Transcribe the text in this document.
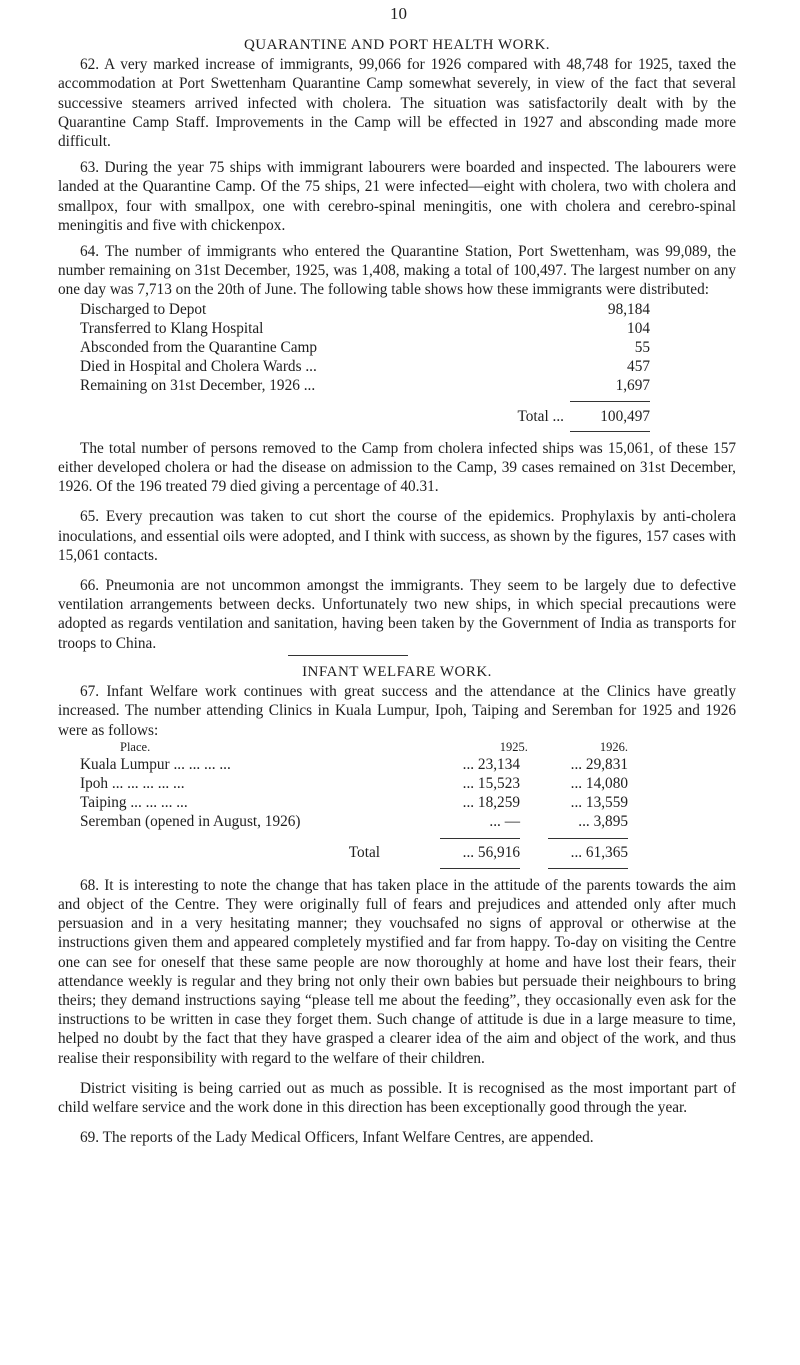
10
QUARANTINE AND PORT HEALTH WORK.

62. A very marked increase of immigrants, 99,066 for 1926 compared with 48,748 for 1925, taxed the accommodation at Port Swettenham Quarantine Camp somewhat severely, in view of the fact that several successive steamers arrived infected with cholera. The situation was satisfactorily dealt with by the Quarantine Camp Staff. Improvements in the Camp will be effected in 1927 and absconding made more difficult.

63. During the year 75 ships with immigrant labourers were boarded and inspected. The labourers were landed at the Quarantine Camp. Of the 75 ships, 21 were infected—eight with cholera, two with cholera and smallpox, four with smallpox, one with cerebro-spinal meningitis, one with cholera and cerebro-spinal meningitis and five with chickenpox.

64. The number of immigrants who entered the Quarantine Station, Port Swettenham, was 99,089, the number remaining on 31st December, 1925, was 1,408, making a total of 100,497. The largest number on any one day was 7,713 on the 20th of June. The following table shows how these immigrants were distributed:

Discharged to Depot	98,184
Transferred to Klang Hospital	104
Absconded from the Quarantine Camp	55
Died in Hospital and Cholera Wards ...	457
Remaining on 31st December, 1926 ...	1,697
Total ...	100,497

The total number of persons removed to the Camp from cholera infected ships was 15,061, of these 157 either developed cholera or had the disease on admission to the Camp, 39 cases remained on 31st December, 1926. Of the 196 treated 79 died giving a percentage of 40.31.

65. Every precaution was taken to cut short the course of the epidemics. Prophylaxis by anti-cholera inoculations, and essential oils were adopted, and I think with success, as shown by the figures, 157 cases with 15,061 contacts.

66. Pneumonia are not uncommon amongst the immigrants. They seem to be largely due to defective ventilation arrangements between decks. Unfortunately two new ships, in which special precautions were adopted as regards ventilation and sanitation, having been taken by the Government of India as transports for troops to China.

INFANT WELFARE WORK.

67. Infant Welfare work continues with great success and the attendance at the Clinics have greatly increased. The number attending Clinics in Kuala Lumpur, Ipoh, Taiping and Seremban for 1925 and 1926 were as follows:

Place.	1925.	1926.
Kuala Lumpur ... ... ... ...	... 23,134	... 29,831
Ipoh ... ... ... ... ...	... 15,523	... 14,080
Taiping ... ... ... ...	... 18,259	... 13,559
Seremban (opened in August, 1926)	... —	... 3,895
Total	... 56,916	... 61,365

68. It is interesting to note the change that has taken place in the attitude of the parents towards the aim and object of the Centre. They were originally full of fears and prejudices and attended only after much persuasion and in a very hesitating manner; they vouchsafed no signs of approval or otherwise at the instructions given them and appeared completely mystified and far from happy. To-day on visiting the Centre one can see for oneself that these same people are now thoroughly at home and have lost their fears, their attendance weekly is regular and they bring not only their own babies but persuade their neighbours to bring theirs; they demand instructions saying “please tell me about the feeding”, they occasionally even ask for the instructions to be written in case they forget them. Such change of attitude is due in a large measure to time, helped no doubt by the fact that they have grasped a clearer idea of the aim and object of the work, and thus realise their responsibility with regard to the welfare of their children.

District visiting is being carried out as much as possible. It is recognised as the most important part of child welfare service and the work done in this direction has been exceptionally good through the year.

69. The reports of the Lady Medical Officers, Infant Welfare Centres, are appended.
